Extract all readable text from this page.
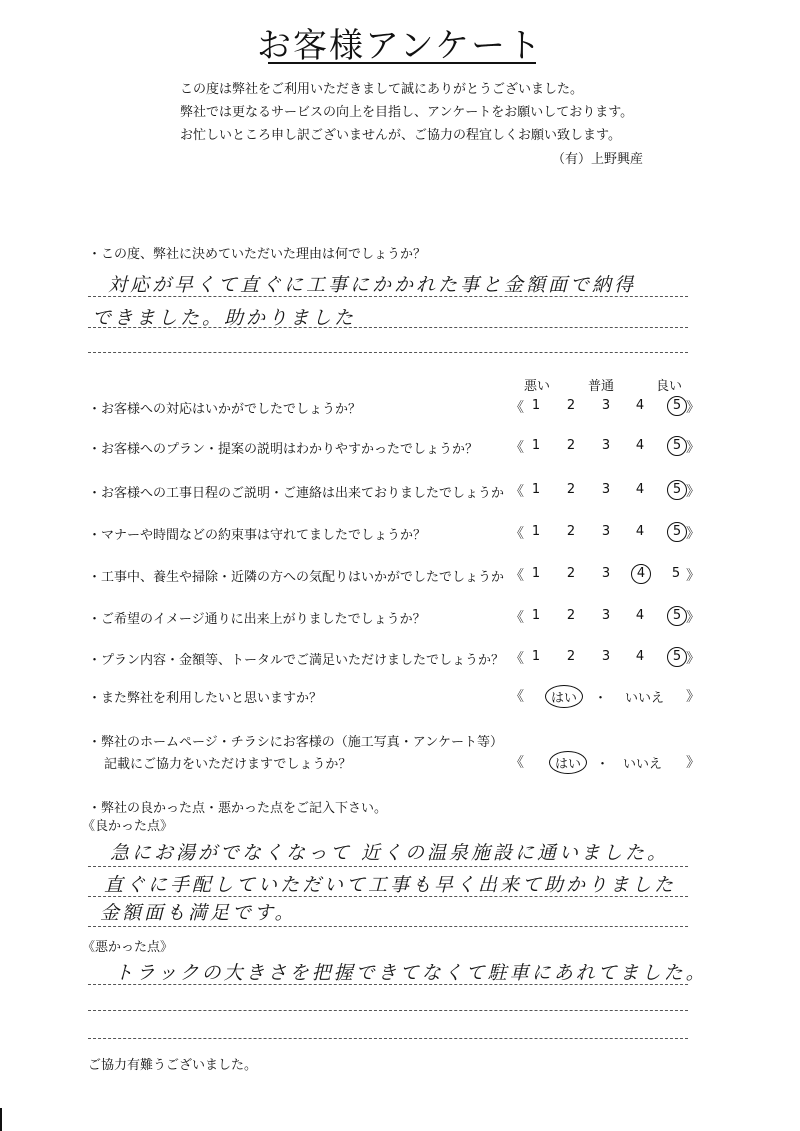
お客様アンケート
この度は弊社をご利用いただきまして誠にありがとうございました。
弊社では更なるサービスの向上を目指し、アンケートをお願いしております。
お忙しいところ申し訳ございませんが、ご協力の程宜しくお願い致します。
（有）上野興産
・この度、弊社に決めていただいた理由は何でしょうか？
対応が早くて直ぐに工事にかかれた事と金額面で納得
できました。助かりました
悪い	普通	良い
・お客様への対応はいかがでしたでしょうか？	《 1 2 3 4	5 》
・お客様へのプラン・提案の説明はわかりやすかったでしょうか？ 《 1 2 3 4	5 》
・お客様への工事日程のご説明・ご連絡は出来ておりましたでしょうか 《 1 2 3 4	5 》
・マナーや時間などの約束事は守れてましたでしょうか？	《 1 2 3 4	5 》
・工事中、養生や掃除・近隣の方への気配りはいかがでしたでしょうか 《 1 2 3	4	5 》
・ご希望のイメージ通りに出来上がりましたでしょうか？	《 1 2 3 4	5 》
・プラン内容・金額等、トータルでご満足いただけましたでしょうか？ 《 1 2 3 4	5 》
・また弊社を利用したいと思いますか？	《	はい	・ いいえ 》
・弊社のホームページ・チラシにお客様の（施工写真・アンケート等）
記載にご協力をいただけますでしょうか？	《	はい	・ いいえ 》
・弊社の良かった点・悪かった点をご記入下さい。
《良かった点》
急にお湯がでなくなって 近くの温泉施設に通いました。
直ぐに手配していただいて工事も早く出来て助かりました
金額面も満足です。
《悪かった点》
トラックの大きさを把握できてなくて駐車にあれてました。
ご協力有難うございました。
